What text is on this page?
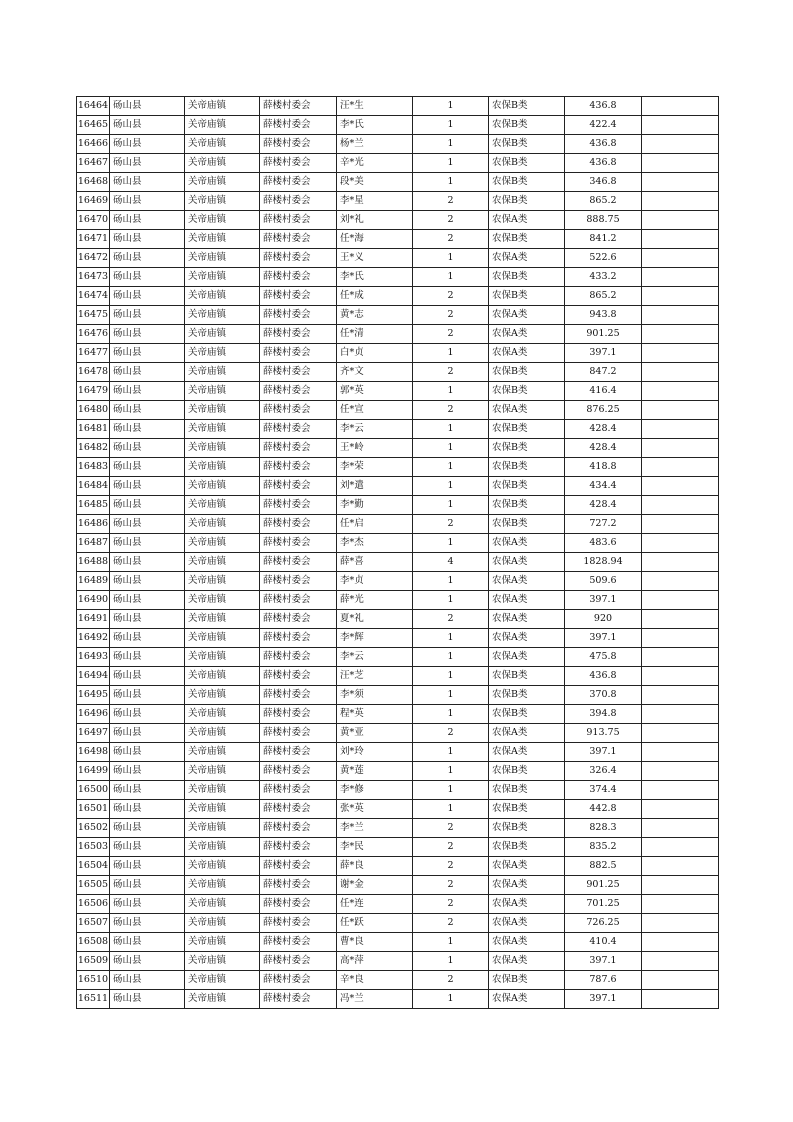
16464	砀山县	关帝庙镇	薛楼村委会	汪*生	1	农保B类	436.8	
16465	砀山县	关帝庙镇	薛楼村委会	李*氏	1	农保B类	422.4	
16466	砀山县	关帝庙镇	薛楼村委会	杨*兰	1	农保B类	436.8	
16467	砀山县	关帝庙镇	薛楼村委会	辛*光	1	农保B类	436.8	
16468	砀山县	关帝庙镇	薛楼村委会	段*美	1	农保B类	346.8	
16469	砀山县	关帝庙镇	薛楼村委会	李*星	2	农保B类	865.2	
16470	砀山县	关帝庙镇	薛楼村委会	刘*礼	2	农保A类	888.75	
16471	砀山县	关帝庙镇	薛楼村委会	任*海	2	农保B类	841.2	
16472	砀山县	关帝庙镇	薛楼村委会	王*义	1	农保A类	522.6	
16473	砀山县	关帝庙镇	薛楼村委会	李*氏	1	农保B类	433.2	
16474	砀山县	关帝庙镇	薛楼村委会	任*成	2	农保B类	865.2	
16475	砀山县	关帝庙镇	薛楼村委会	黄*志	2	农保A类	943.8	
16476	砀山县	关帝庙镇	薛楼村委会	任*清	2	农保A类	901.25	
16477	砀山县	关帝庙镇	薛楼村委会	白*贞	1	农保A类	397.1	
16478	砀山县	关帝庙镇	薛楼村委会	齐*文	2	农保B类	847.2	
16479	砀山县	关帝庙镇	薛楼村委会	郭*英	1	农保B类	416.4	
16480	砀山县	关帝庙镇	薛楼村委会	任*宣	2	农保A类	876.25	
16481	砀山县	关帝庙镇	薛楼村委会	李*云	1	农保B类	428.4	
16482	砀山县	关帝庙镇	薛楼村委会	王*岭	1	农保B类	428.4	
16483	砀山县	关帝庙镇	薛楼村委会	李*荣	1	农保B类	418.8	
16484	砀山县	关帝庙镇	薛楼村委会	刘*遣	1	农保B类	434.4	
16485	砀山县	关帝庙镇	薛楼村委会	李*勤	1	农保B类	428.4	
16486	砀山县	关帝庙镇	薛楼村委会	任*启	2	农保B类	727.2	
16487	砀山县	关帝庙镇	薛楼村委会	李*杰	1	农保A类	483.6	
16488	砀山县	关帝庙镇	薛楼村委会	薛*喜	4	农保A类	1828.94	
16489	砀山县	关帝庙镇	薛楼村委会	李*贞	1	农保A类	509.6	
16490	砀山县	关帝庙镇	薛楼村委会	薛*光	1	农保A类	397.1	
16491	砀山县	关帝庙镇	薛楼村委会	夏*礼	2	农保A类	920	
16492	砀山县	关帝庙镇	薛楼村委会	李*辉	1	农保A类	397.1	
16493	砀山县	关帝庙镇	薛楼村委会	李*云	1	农保A类	475.8	
16494	砀山县	关帝庙镇	薛楼村委会	汪*芝	1	农保B类	436.8	
16495	砀山县	关帝庙镇	薛楼村委会	李*须	1	农保B类	370.8	
16496	砀山县	关帝庙镇	薛楼村委会	程*英	1	农保B类	394.8	
16497	砀山县	关帝庙镇	薛楼村委会	黄*亚	2	农保A类	913.75	
16498	砀山县	关帝庙镇	薛楼村委会	刘*玲	1	农保A类	397.1	
16499	砀山县	关帝庙镇	薛楼村委会	黄*莲	1	农保B类	326.4	
16500	砀山县	关帝庙镇	薛楼村委会	李*修	1	农保B类	374.4	
16501	砀山县	关帝庙镇	薛楼村委会	张*英	1	农保B类	442.8	
16502	砀山县	关帝庙镇	薛楼村委会	李*兰	2	农保B类	828.3	
16503	砀山县	关帝庙镇	薛楼村委会	李*民	2	农保B类	835.2	
16504	砀山县	关帝庙镇	薛楼村委会	薛*良	2	农保A类	882.5	
16505	砀山县	关帝庙镇	薛楼村委会	谢*金	2	农保A类	901.25	
16506	砀山县	关帝庙镇	薛楼村委会	任*连	2	农保A类	701.25	
16507	砀山县	关帝庙镇	薛楼村委会	任*跃	2	农保A类	726.25	
16508	砀山县	关帝庙镇	薛楼村委会	曹*良	1	农保A类	410.4	
16509	砀山县	关帝庙镇	薛楼村委会	高*萍	1	农保A类	397.1	
16510	砀山县	关帝庙镇	薛楼村委会	辛*良	2	农保B类	787.6	
16511	砀山县	关帝庙镇	薛楼村委会	冯*兰	1	农保A类	397.1	
